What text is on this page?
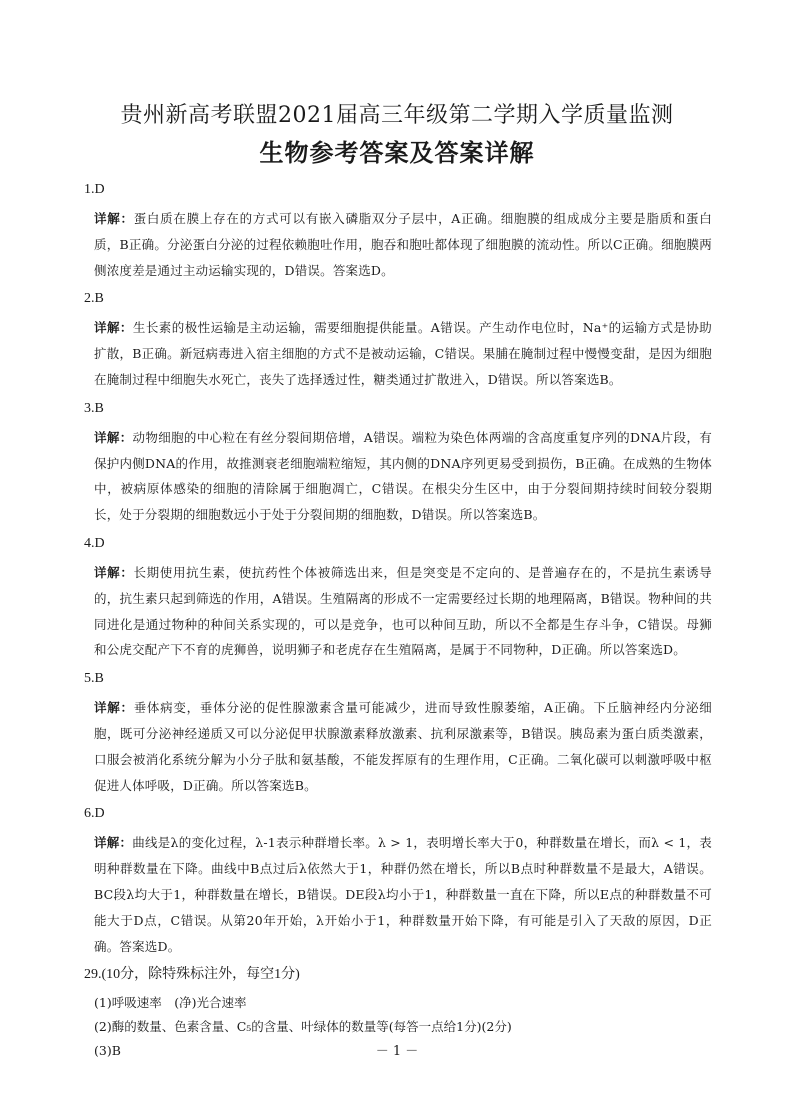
贵州新高考联盟2021届高三年级第二学期入学质量监测
生物参考答案及答案详解
1.D

详解：蛋白质在膜上存在的方式可以有嵌入磷脂双分子层中，A正确。细胞膜的组成成分主要是脂质和蛋白质，B正确。分泌蛋白分泌的过程依赖胞吐作用，胞吞和胞吐都体现了细胞膜的流动性。所以C正确。细胞膜两侧浓度差是通过主动运输实现的，D错误。答案选D。

2.B

详解：生长素的极性运输是主动运输，需要细胞提供能量。A错误。产生动作电位时，Na⁺的运输方式是协助扩散，B正确。新冠病毒进入宿主细胞的方式不是被动运输，C错误。果脯在腌制过程中慢慢变甜，是因为细胞在腌制过程中细胞失水死亡，丧失了选择透过性，糖类通过扩散进入，D错误。所以答案选B。

3.B

详解：动物细胞的中心粒在有丝分裂间期倍增，A错误。端粒为染色体两端的含高度重复序列的DNA片段，有保护内侧DNA的作用，故推测衰老细胞端粒缩短，其内侧的DNA序列更易受到损伤，B正确。在成熟的生物体中，被病原体感染的细胞的清除属于细胞凋亡，C错误。在根尖分生区中，由于分裂间期持续时间较分裂期长，处于分裂期的细胞数远小于处于分裂间期的细胞数，D错误。所以答案选B。

4.D

详解：长期使用抗生素，使抗药性个体被筛选出来，但是突变是不定向的、是普遍存在的，不是抗生素诱导的，抗生素只起到筛选的作用，A错误。生殖隔离的形成不一定需要经过长期的地理隔离，B错误。物种间的共同进化是通过物种的种间关系实现的，可以是竞争，也可以种间互助，所以不全都是生存斗争，C错误。母狮和公虎交配产下不育的虎狮兽，说明狮子和老虎存在生殖隔离，是属于不同物种，D正确。所以答案选D。

5.B

详解：垂体病变，垂体分泌的促性腺激素含量可能减少，进而导致性腺萎缩，A正确。下丘脑神经内分泌细胞，既可分泌神经递质又可以分泌促甲状腺激素释放激素、抗利尿激素等，B错误。胰岛素为蛋白质类激素，口服会被消化系统分解为小分子肽和氨基酸，不能发挥原有的生理作用，C正确。二氧化碳可以刺激呼吸中枢促进人体呼吸，D正确。所以答案选B。

6.D

详解：曲线是λ的变化过程，λ-1表示种群增长率。λ > 1，表明增长率大于0，种群数量在增长，而λ < 1，表明种群数量在下降。曲线中B点过后λ依然大于1，种群仍然在增长，所以B点时种群数量不是最大，A错误。BC段λ均大于1，种群数量在增长，B错误。DE段λ均小于1，种群数量一直在下降，所以E点的种群数量不可能大于D点，C错误。从第20年开始，λ开始小于1，种群数量开始下降，有可能是引入了天敌的原因，D正确。答案选D。

29.(10分，除特殊标注外，每空1分)
(1)呼吸速率　(净)光合速率
(2)酶的数量、色素含量、C₅的含量、叶绿体的数量等(每答一点给1分)(2分)
(3)B	－ 1 －
